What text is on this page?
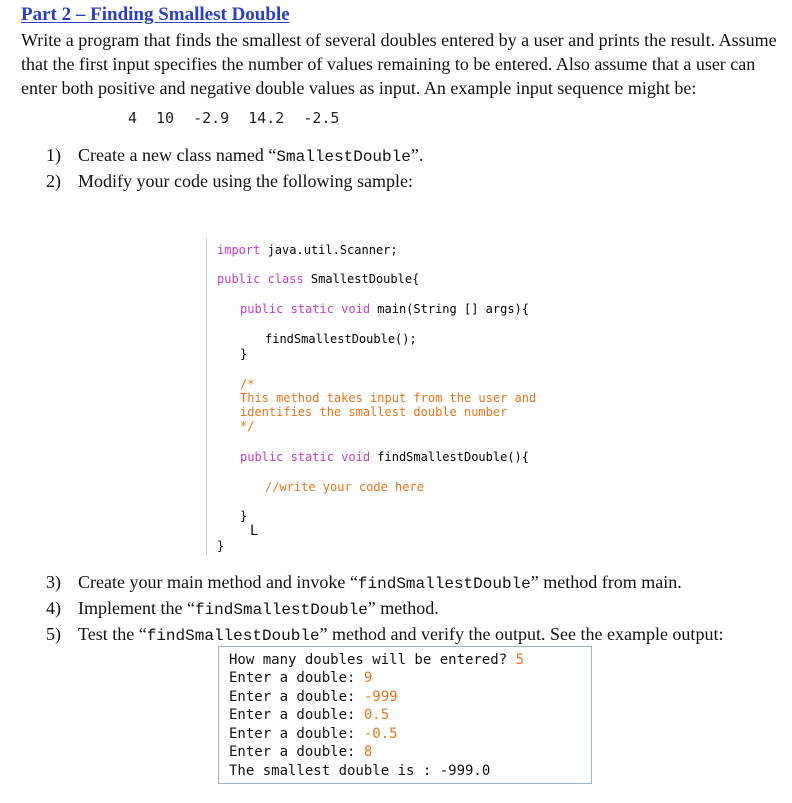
Part 2 – Finding Smallest Double
Write a program that finds the smallest of several doubles entered by a user and prints the result. Assume that the first input specifies the number of values remaining to be entered. Also assume that a user can enter both positive and negative double values as input. An example input sequence might be:
4 10 -2.9 14.2 -2.5
1) Create a new class named “SmallestDouble”.
2) Modify your code using the following sample:
import java.util.Scanner;
public class SmallestDouble{
public static void main(String [] args){
findSmallestDouble();
}
/*
This method takes input from the user and
identifies the smallest double number
*/
public static void findSmallestDouble(){
//write your code here
}
}
L
3) Create your main method and invoke “findSmallestDouble” method from main.
4) Implement the “findSmallestDouble” method.
5) Test the “findSmallestDouble” method and verify the output. See the example output:
How many doubles will be entered? 5
Enter a double: 9
Enter a double: -999
Enter a double: 0.5
Enter a double: -0.5
Enter a double: 8
The smallest double is : -999.0
